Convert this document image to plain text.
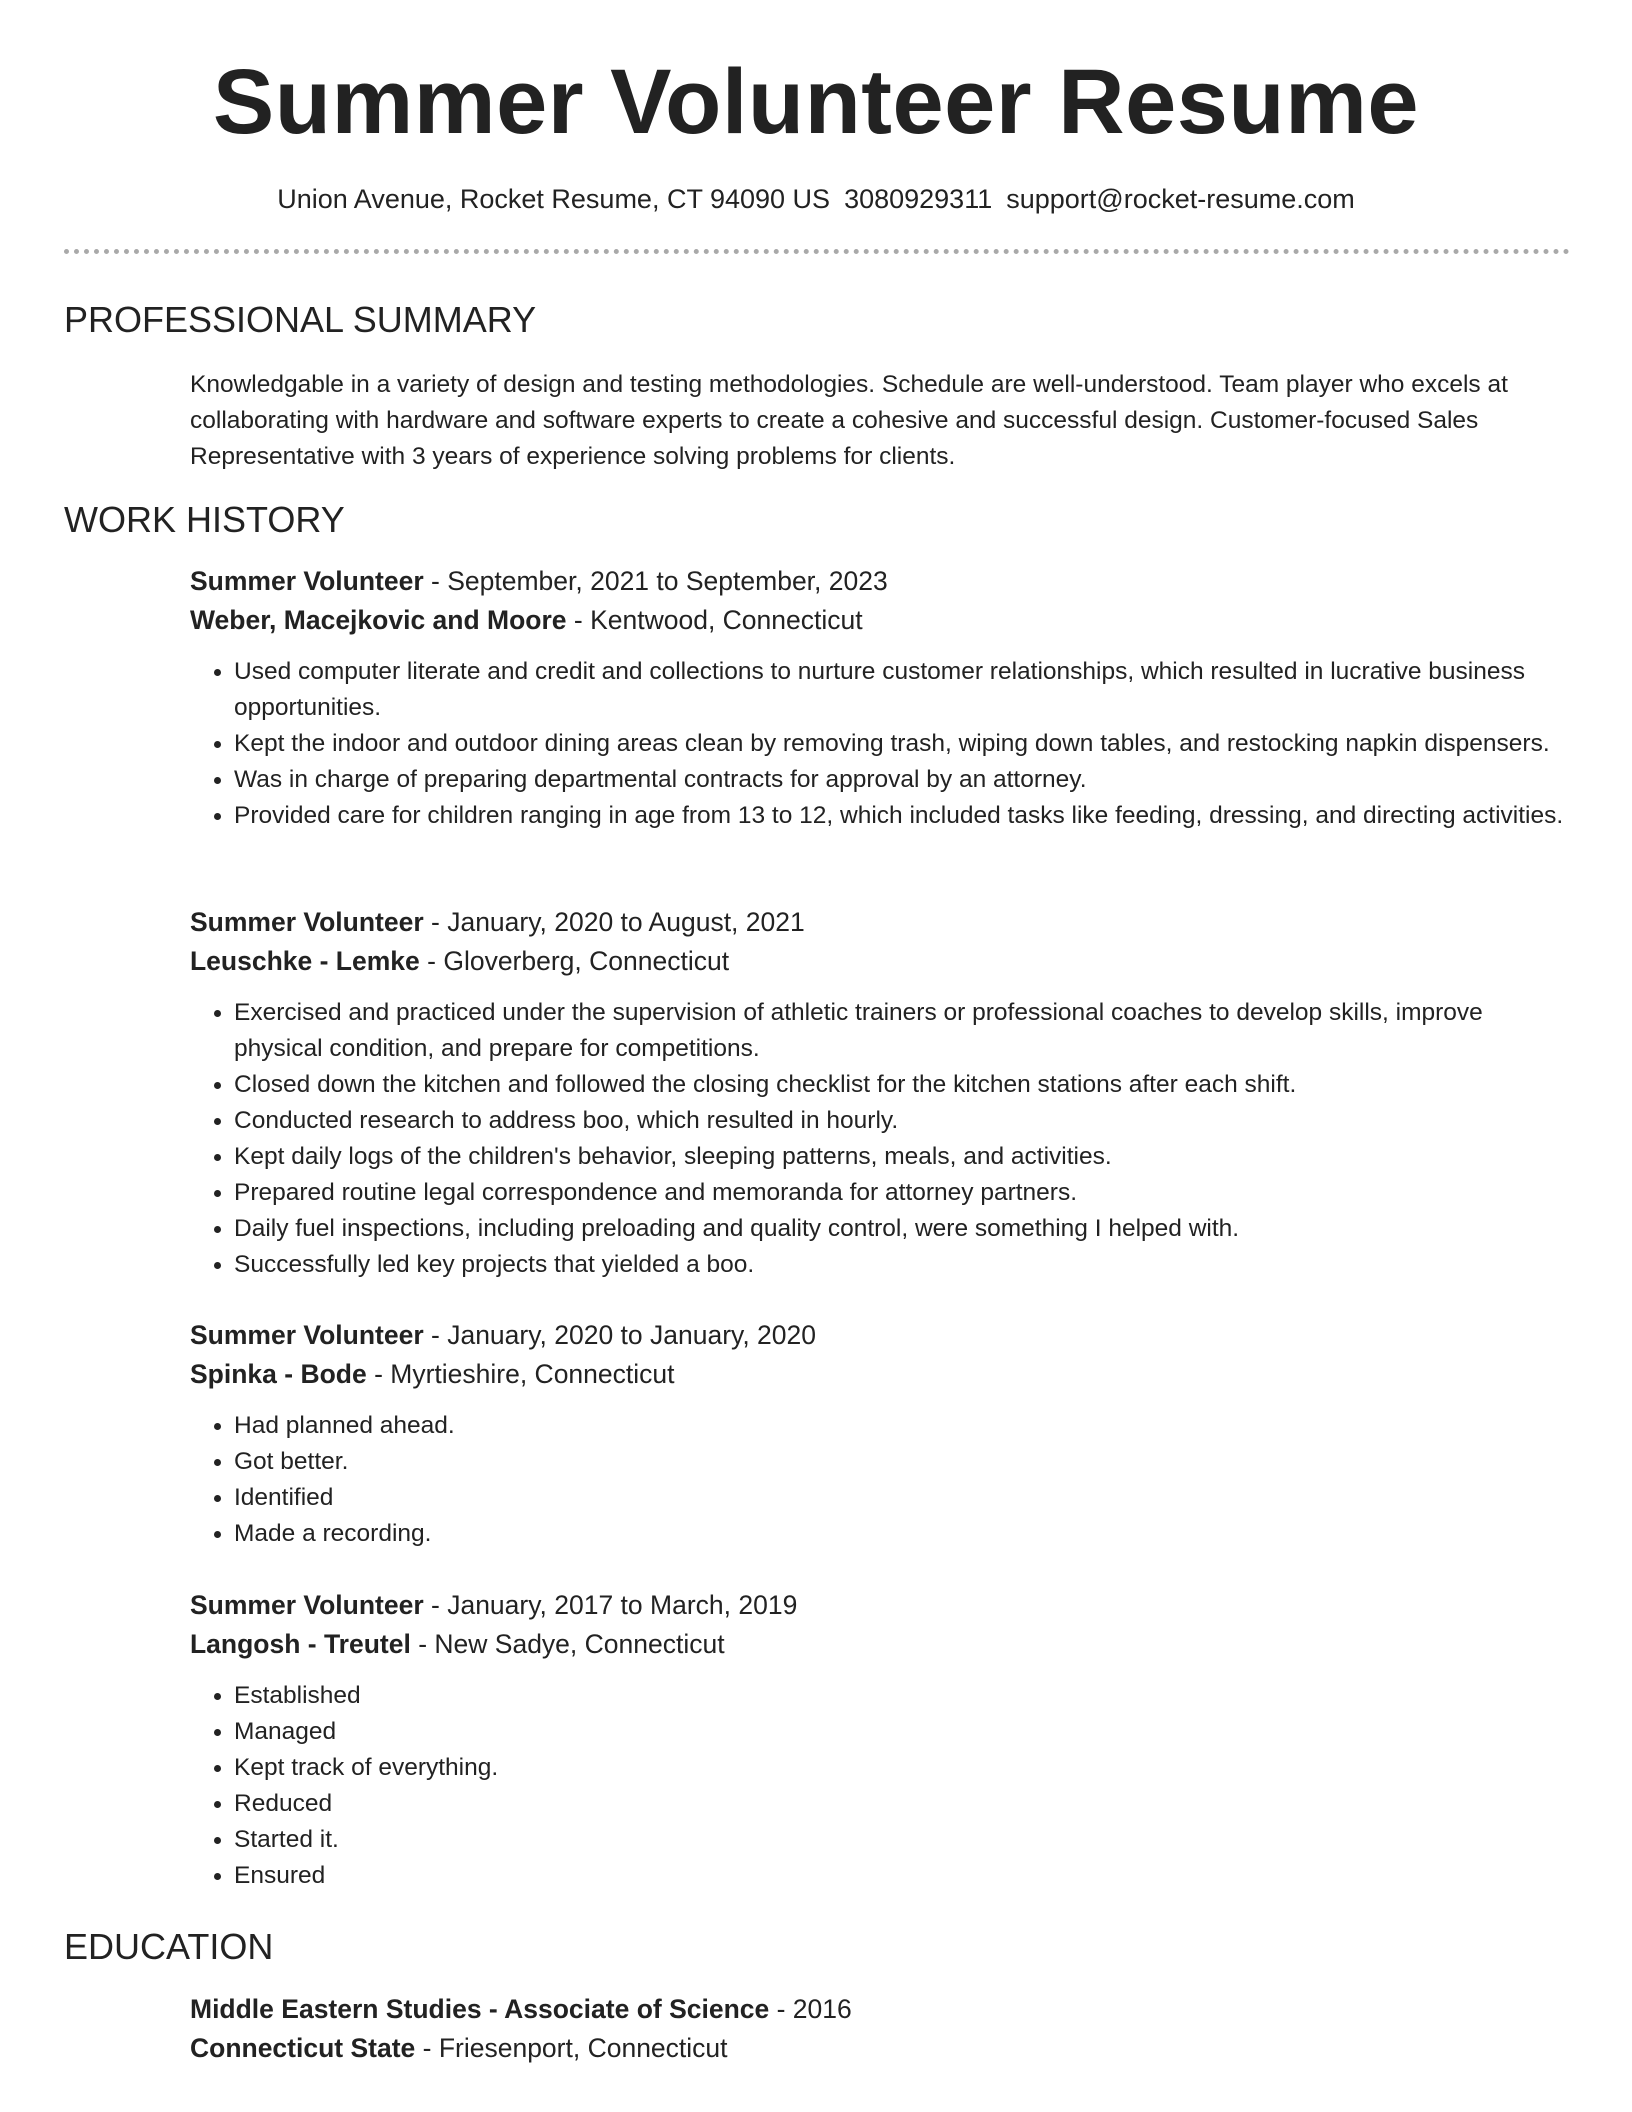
Summer Volunteer Resume
Union Avenue, Rocket Resume, CT 94090 US 3080929311 support@rocket-resume.com
PROFESSIONAL SUMMARY
Knowledgable in a variety of design and testing methodologies. Schedule are well-understood. Team player who excels at collaborating with hardware and software experts to create a cohesive and successful design. Customer-focused Sales Representative with 3 years of experience solving problems for clients.
WORK HISTORY
Summer Volunteer - September, 2021 to September, 2023
Weber, Macejkovic and Moore - Kentwood, Connecticut
• Used computer literate and credit and collections to nurture customer relationships, which resulted in lucrative business opportunities.
• Kept the indoor and outdoor dining areas clean by removing trash, wiping down tables, and restocking napkin dispensers.
• Was in charge of preparing departmental contracts for approval by an attorney.
• Provided care for children ranging in age from 13 to 12, which included tasks like feeding, dressing, and directing activities.
Summer Volunteer - January, 2020 to August, 2021
Leuschke - Lemke - Gloverberg, Connecticut
• Exercised and practiced under the supervision of athletic trainers or professional coaches to develop skills, improve physical condition, and prepare for competitions.
• Closed down the kitchen and followed the closing checklist for the kitchen stations after each shift.
• Conducted research to address boo, which resulted in hourly.
• Kept daily logs of the children's behavior, sleeping patterns, meals, and activities.
• Prepared routine legal correspondence and memoranda for attorney partners.
• Daily fuel inspections, including preloading and quality control, were something I helped with.
• Successfully led key projects that yielded a boo.
Summer Volunteer - January, 2020 to January, 2020
Spinka - Bode - Myrtieshire, Connecticut
• Had planned ahead.
• Got better.
• Identified
• Made a recording.
Summer Volunteer - January, 2017 to March, 2019
Langosh - Treutel - New Sadye, Connecticut
• Established
• Managed
• Kept track of everything.
• Reduced
• Started it.
• Ensured
EDUCATION
Middle Eastern Studies - Associate of Science - 2016
Connecticut State - Friesenport, Connecticut
